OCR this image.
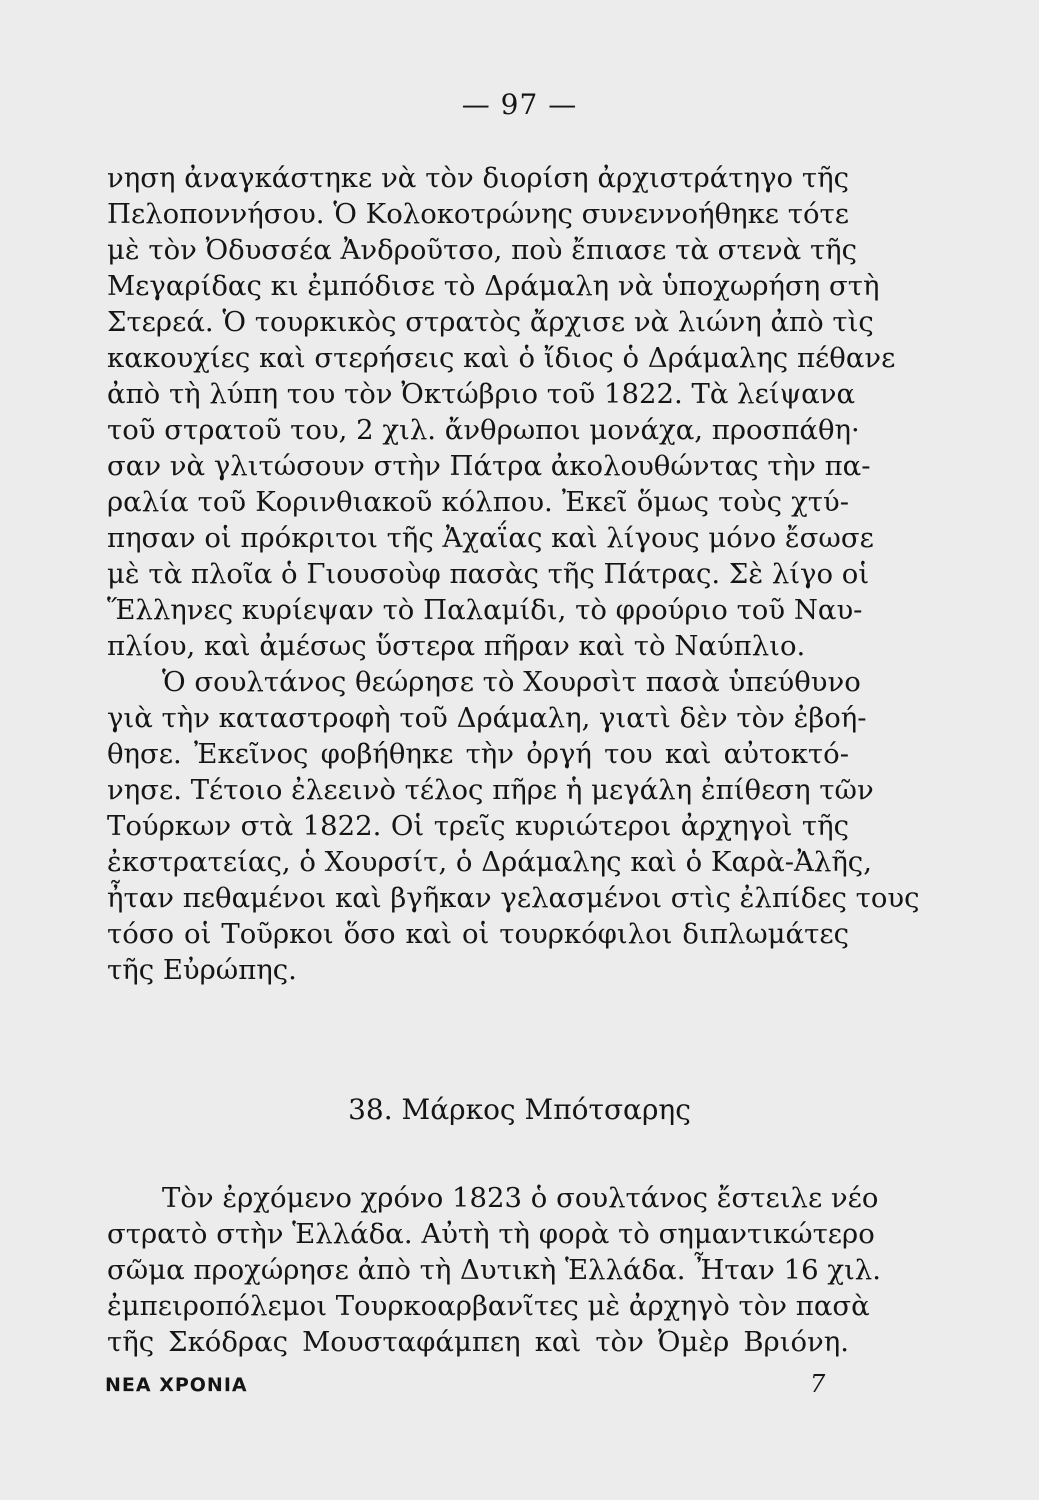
— 97 —
νηση ἀναγκάστηκε νὰ τὸν διορίση ἀρχιστράτηγο τῆς
Πελοποννήσου. Ὁ Κολοκοτρώνης συνεννοήθηκε τότε
μὲ τὸν Ὀδυσσέα Ἀνδροῦτσο, ποὺ ἔπιασε τὰ στενὰ τῆς
Μεγαρίδας κι ἐμπόδισε τὸ Δράμαλη νὰ ὑποχωρήση στὴ
Στερεά. Ὁ τουρκικὸς στρατὸς ἄρχισε νὰ λιώνη ἀπὸ τὶς
κακουχίες καὶ στερήσεις καὶ ὁ ἴδιος ὁ Δράμαλης πέθανε
ἀπὸ τὴ λύπη του τὸν Ὀκτώβριο τοῦ 1822. Τὰ λείψανα
τοῦ στρατοῦ του, 2 χιλ. ἄνθρωποι μονάχα, προσπάθη·
σαν νὰ γλιτώσουν στὴν Πάτρα ἀκολουθώντας τὴν πα-
ραλία τοῦ Κορινθιακοῦ κόλπου. Ἐκεῖ ὅμως τοὺς χτύ-
πησαν οἱ πρόκριτοι τῆς Ἀχαΐας καὶ λίγους μόνο ἔσωσε
μὲ τὰ πλοῖα ὁ Γιουσοὺφ πασὰς τῆς Πάτρας. Σὲ λίγο οἱ
Ἕλληνες κυρίεψαν τὸ Παλαμίδι, τὸ φρούριο τοῦ Ναυ-
πλίου, καὶ ἀμέσως ὕστερα πῆραν καὶ τὸ Ναύπλιο.
Ὁ σουλτάνος θεώρησε τὸ Χουρσὶτ πασὰ ὑπεύθυνο
γιὰ τὴν καταστροφὴ τοῦ Δράμαλη, γιατὶ δὲν τὸν ἐβοή-
θησε. Ἐκεῖνος φοβήθηκε τὴν ὀργή του καὶ αὐτοκτό-
νησε. Τέτοιο ἐλεεινὸ τέλος πῆρε ἡ μεγάλη ἐπίθεση τῶν
Τούρκων στὰ 1822. Οἱ τρεῖς κυριώτεροι ἀρχηγοὶ τῆς
ἐκστρατείας, ὁ Χουρσίτ, ὁ Δράμαλης καὶ ὁ Καρὰ-Ἀλῆς,
ἦταν πεθαμένοι καὶ βγῆκαν γελασμένοι στὶς ἐλπίδες τους
τόσο οἱ Τοῦρκοι ὅσο καὶ οἱ τουρκόφιλοι διπλωμάτες
τῆς Εὐρώπης.
38. Μάρκος Μπότσαρης
Τὸν ἐρχόμενο χρόνο 1823 ὁ σουλτάνος ἔστειλε νέο
στρατὸ στὴν Ἑλλάδα. Αὐτὴ τὴ φορὰ τὸ σημαντικώτερο
σῶμα προχώρησε ἀπὸ τὴ Δυτικὴ Ἑλλάδα. Ἦταν 16 χιλ.
ἐμπειροπόλεμοι Τουρκοαρβανῖτες μὲ ἀρχηγὸ τὸν πασὰ
τῆς Σκόδρας Μουσταφάμπεη καὶ τὸν Ὀμὲρ Βριόνη.
ΝΕΑ ΧΡΟΝΙΑ	7
